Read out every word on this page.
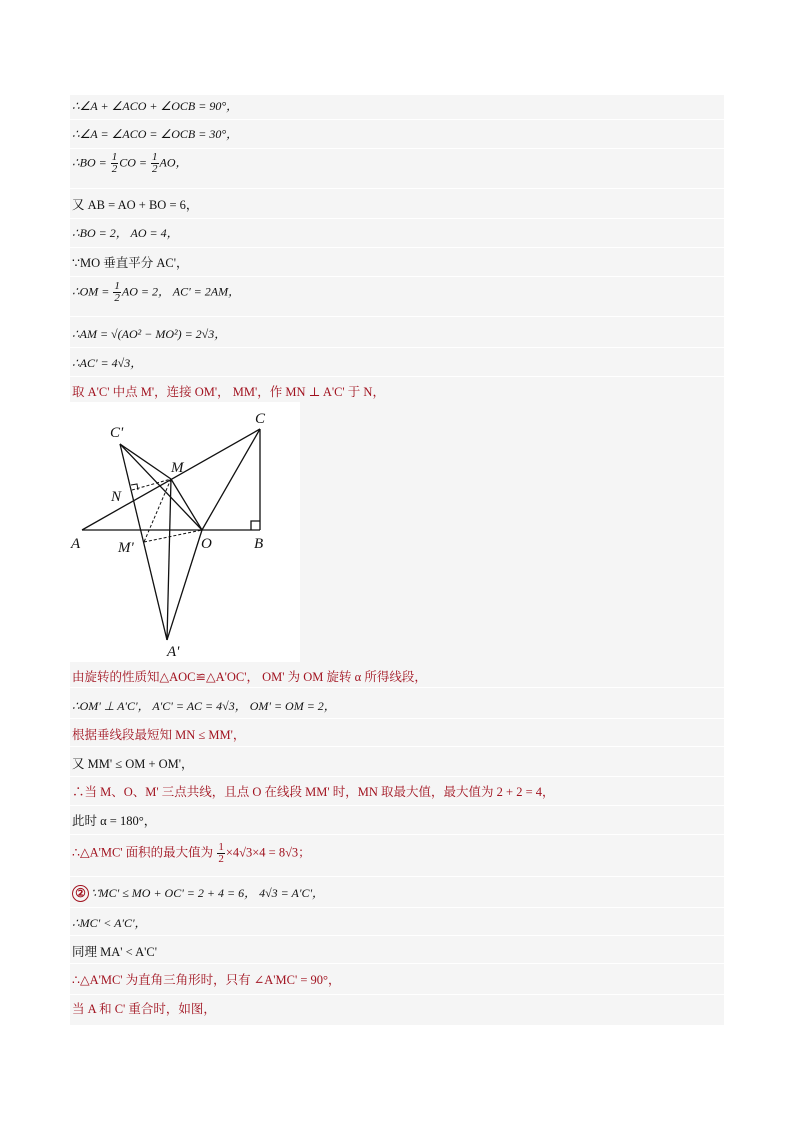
∴∠A + ∠ACO + ∠OCB = 90°，
∴∠A = ∠ACO = ∠OCB = 30°，
∴BO = $\frac{1}{2}$ CO = $\frac{1}{2}$ AO，
又 AB = AO + BO = 6，
∴BO = 2， AO = 4，
∵MO 垂直平分 AC'，
∴OM = $\frac{1}{2}$ AO = 2， AC' = 2AM，
∴AM = √(AO² − MO²) = 2√3，
∴AC' = 4√3，
取 A'C' 中点 M'，连接 OM'， MM'，作 MN ⊥ A'C' 于 N，
C'
C
M
N
A	M'	O	B
A'
由旋转的性质知△AOC≌△A'OC'， OM' 为 OM 旋转 α 所得线段，
∴OM' ⊥ A'C'， A'C' = AC = 4√3， OM' = OM = 2，
根据垂线段最短知 MN ≤ MM'，
又 MM' ≤ OM + OM'，
∴当 M、O、M' 三点共线，且点 O 在线段 MM' 时，MN 取最大值，最大值为 2 + 2 = 4，
此时 α = 180°，
∴△A'MC' 面积的最大值为 $\frac{1}{2} \times 4√3\times 4 = 8√3$；
② ∵MC' ≤ MO + OC' = 2 + 4 = 6， 4√3 = A'C'，
∴MC' < A'C'，
同理 MA' < A'C'
∴△A'MC' 为直角三角形时，只有 ∠A'MC' = 90°，
当 A 和 C' 重合时，如图，
